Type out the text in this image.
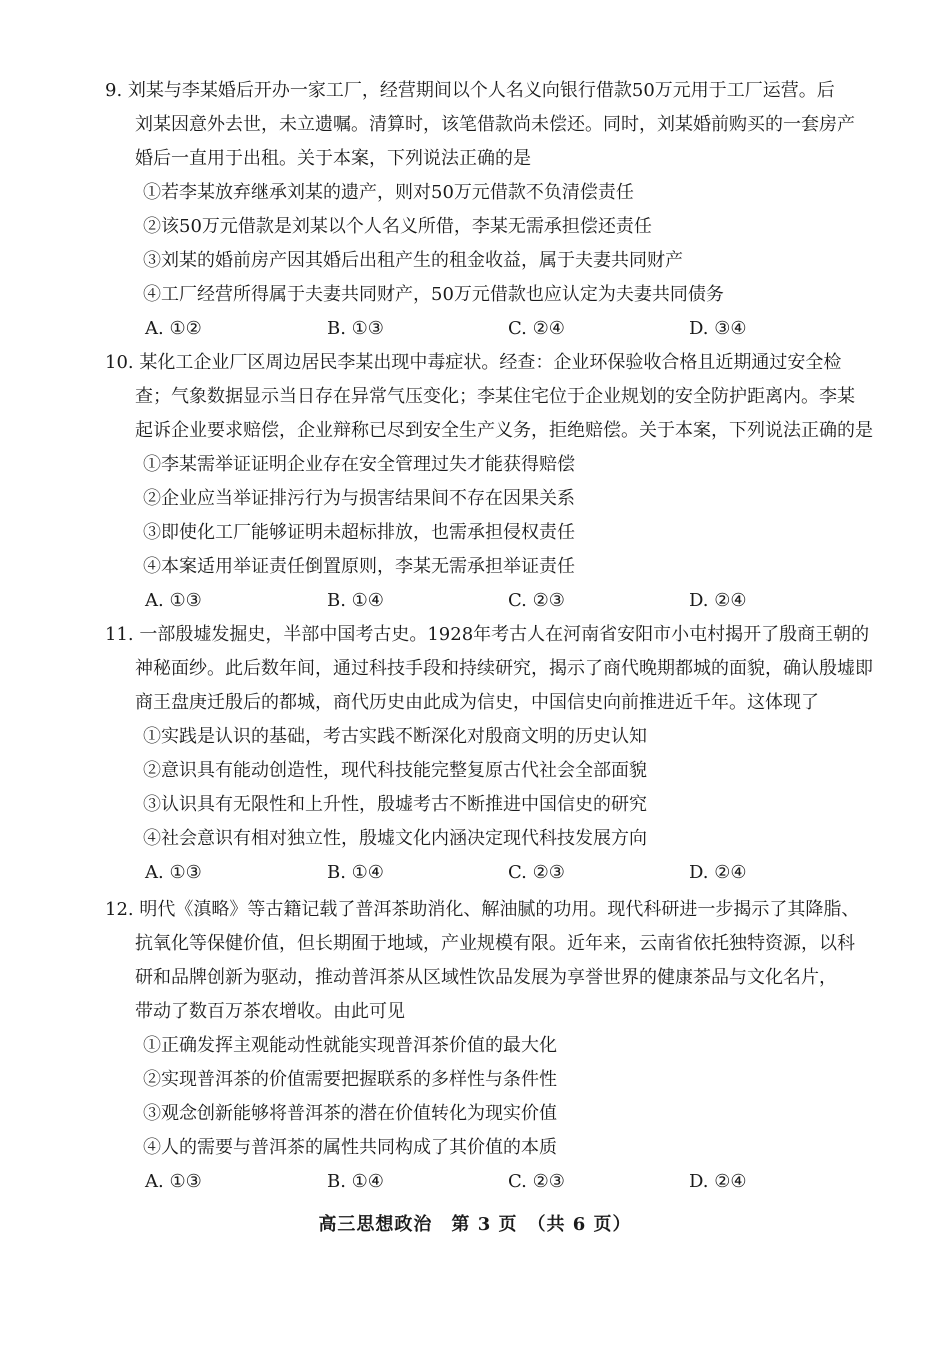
9. 刘某与李某婚后开办一家工厂，经营期间以个人名义向银行借款50万元用于工厂运营。后
刘某因意外去世，未立遗嘱。清算时，该笔借款尚未偿还。同时，刘某婚前购买的一套房产
婚后一直用于出租。关于本案，下列说法正确的是
①若李某放弃继承刘某的遗产，则对50万元借款不负清偿责任
②该50万元借款是刘某以个人名义所借，李某无需承担偿还责任
③刘某的婚前房产因其婚后出租产生的租金收益，属于夫妻共同财产
④工厂经营所得属于夫妻共同财产，50万元借款也应认定为夫妻共同债务
A. ①②	B. ①③	C. ②④	D. ③④
10. 某化工企业厂区周边居民李某出现中毒症状。经查：企业环保验收合格且近期通过安全检
查；气象数据显示当日存在异常气压变化；李某住宅位于企业规划的安全防护距离内。李某
起诉企业要求赔偿，企业辩称已尽到安全生产义务，拒绝赔偿。关于本案，下列说法正确的是
①李某需举证证明企业存在安全管理过失才能获得赔偿
②企业应当举证排污行为与损害结果间不存在因果关系
③即使化工厂能够证明未超标排放，也需承担侵权责任
④本案适用举证责任倒置原则，李某无需承担举证责任
A. ①③	B. ①④	C. ②③	D. ②④
11. 一部殷墟发掘史，半部中国考古史。1928年考古人在河南省安阳市小屯村揭开了殷商王朝的
神秘面纱。此后数年间，通过科技手段和持续研究，揭示了商代晚期都城的面貌，确认殷墟即
商王盘庚迁殷后的都城，商代历史由此成为信史，中国信史向前推进近千年。这体现了
①实践是认识的基础，考古实践不断深化对殷商文明的历史认知
②意识具有能动创造性，现代科技能完整复原古代社会全部面貌
③认识具有无限性和上升性，殷墟考古不断推进中国信史的研究
④社会意识有相对独立性，殷墟文化内涵决定现代科技发展方向
A. ①③	B. ①④	C. ②③	D. ②④
12. 明代《滇略》等古籍记载了普洱茶助消化、解油腻的功用。现代科研进一步揭示了其降脂、
抗氧化等保健价值，但长期囿于地域，产业规模有限。近年来，云南省依托独特资源，以科
研和品牌创新为驱动，推动普洱茶从区域性饮品发展为享誉世界的健康茶品与文化名片，
带动了数百万茶农增收。由此可见
①正确发挥主观能动性就能实现普洱茶价值的最大化
②实现普洱茶的价值需要把握联系的多样性与条件性
③观念创新能够将普洱茶的潜在价值转化为现实价值
④人的需要与普洱茶的属性共同构成了其价值的本质
A. ①③	B. ①④	C. ②③	D. ②④
高三思想政治　第 3 页　（共 6 页）
